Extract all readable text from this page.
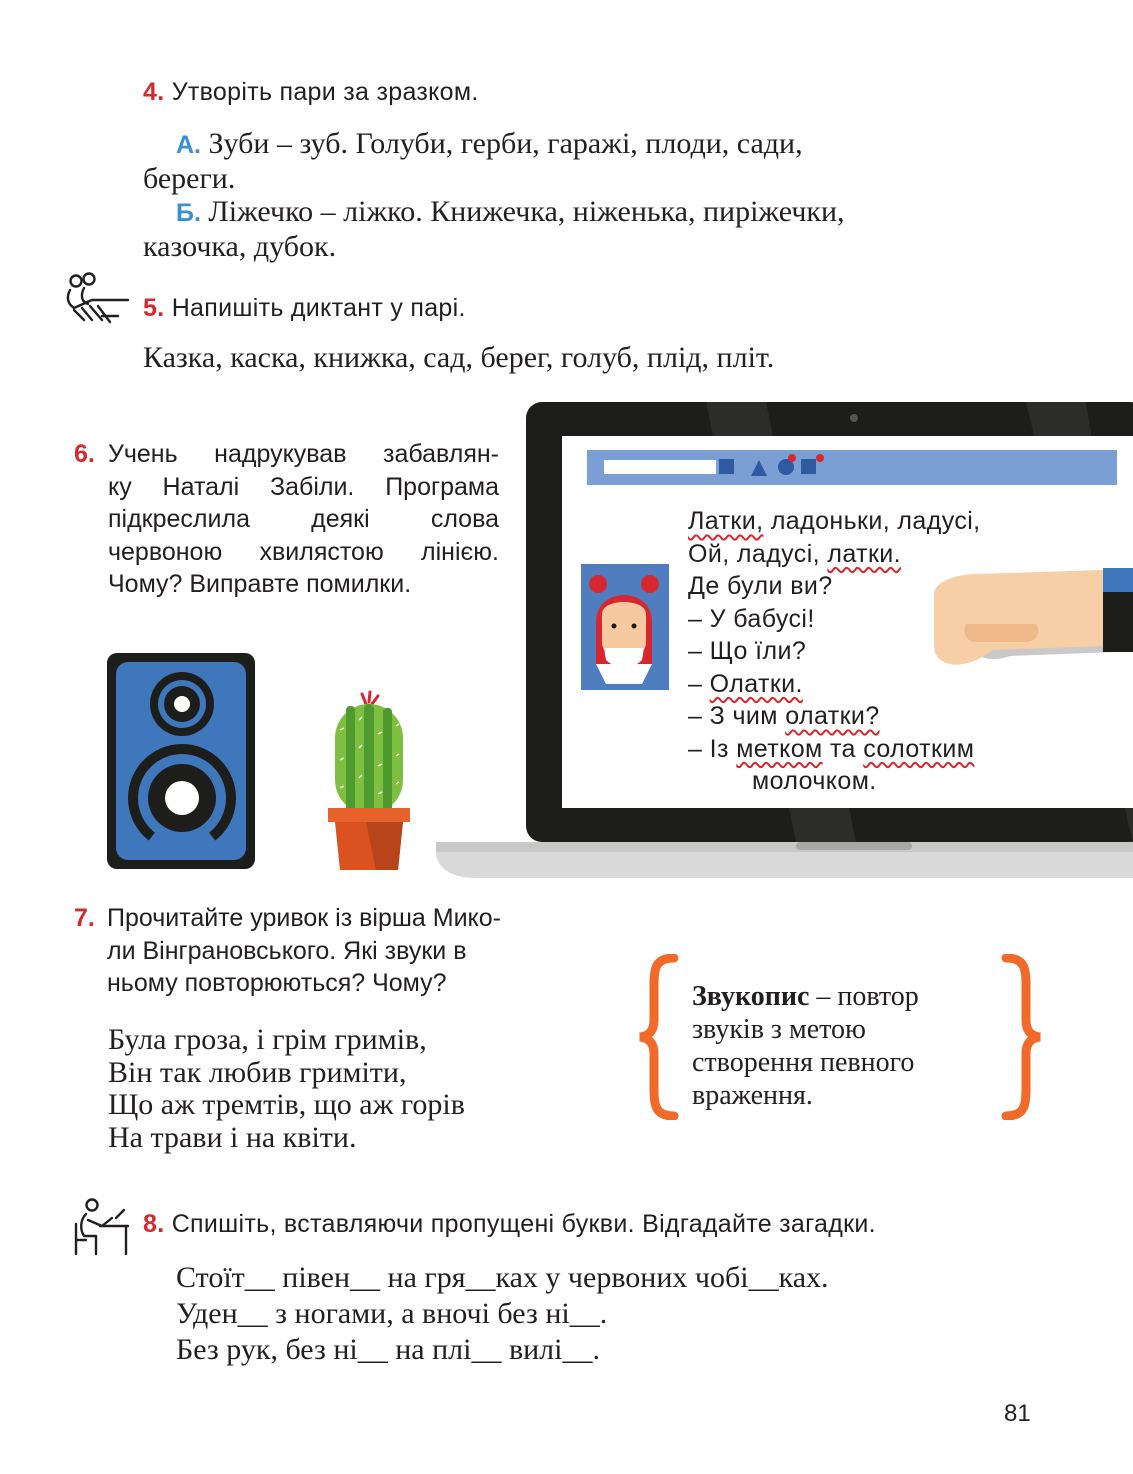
4. Утворіть пари за зразком.
А. Зуби – зуб. Голуби, герби, гаражі, плоди, сади,
береги.
Б. Ліжечко – ліжко. Книжечка, ніженька, пиріжечки,
казочка, дубок.
5. Напишіть диктант у парі.
Казка, каска, книжка, сад, берег, голуб, плід, пліт.
6. Учень надрукував забавлян-
ку Наталі Забіли. Програма
підкреслила деякі слова
червоною хвилястою лінією.
Чому? Виправте помилки.
Латки, ладоньки, ладусі,
Ой, ладусі, латки.
Де були ви?
– У бабусі!
– Що їли?
– Олатки.
– З чим олатки?
– Із метком та солотким
молочком.
7. Прочитайте уривок із вірша Мико-
ли Вінграновського. Які звуки в
ньому повторюються? Чому?
Була гроза, і грім гримів,
Він так любив гриміти,
Що аж тремтів, що аж горів
На трави і на квіти.
Звукопис – повтор
звуків з метою
створення певного
враження.
8. Спишіть, вставляючи пропущені букви. Відгадайте загадки.
Стоїт__ півен__ на гря__ках у червоних чобі__ках.
Уден__ з ногами, а вночі без ні__.
Без рук, без ні__ на плі__ вилі__.
81
